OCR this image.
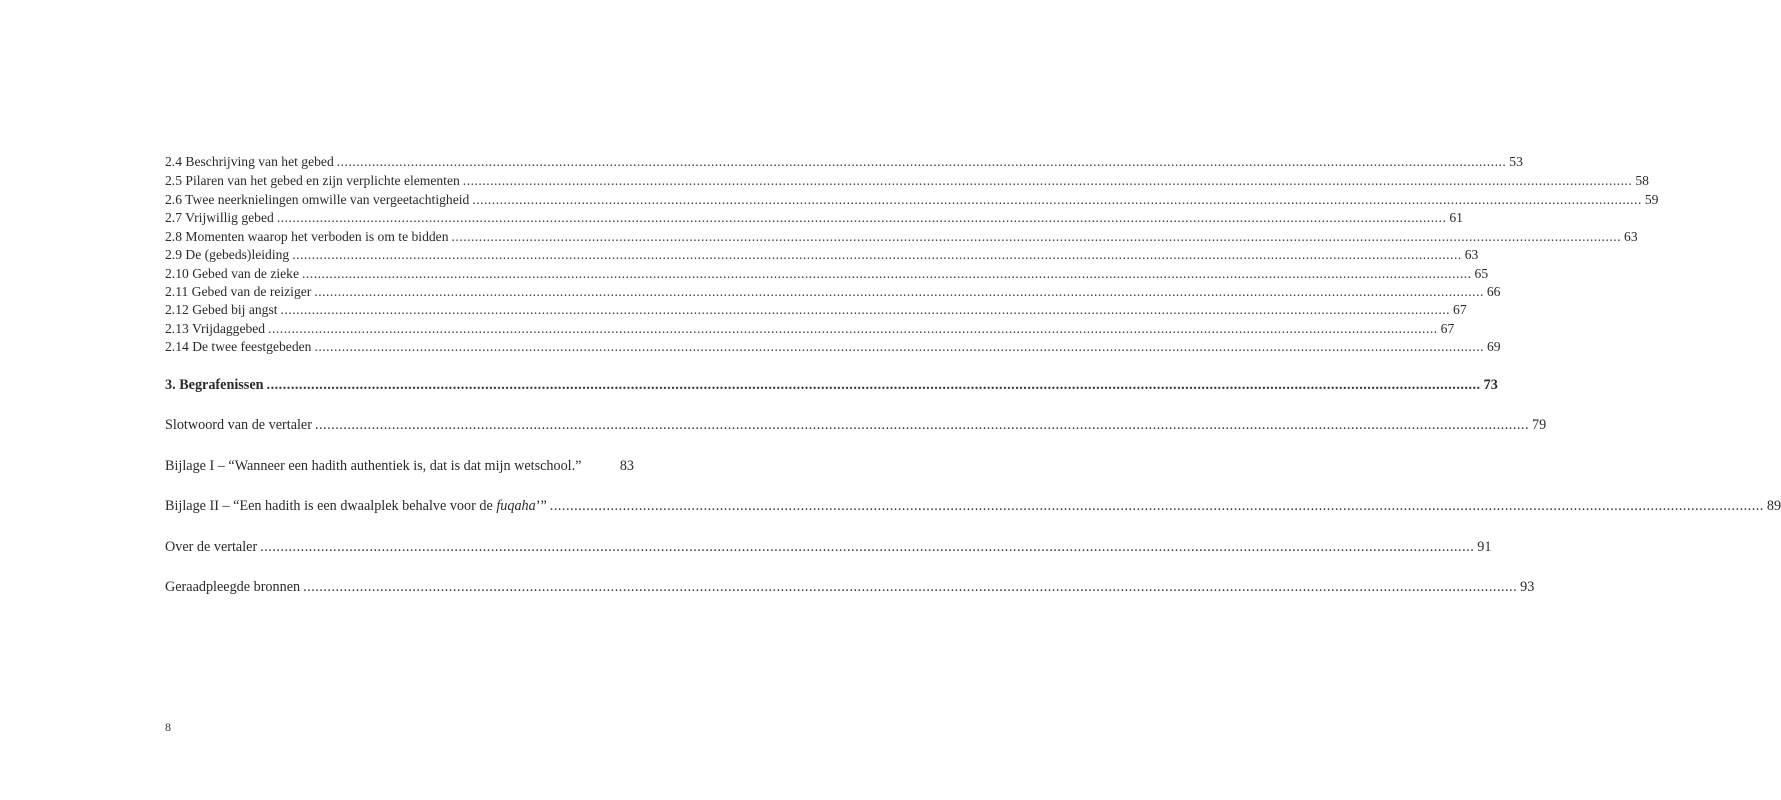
2.4 Beschrijving van het gebed ............................................................................................................................................................................................................................................................................................................ 53
2.5 Pilaren van het gebed en zijn verplichte elementen ............................................................................................................................................................................................................................................................................................................ 58
2.6 Twee neerknielingen omwille van vergeetachtigheid ............................................................................................................................................................................................................................................................................................................ 59
2.7 Vrijwillig gebed ............................................................................................................................................................................................................................................................................................................ 61
2.8 Momenten waarop het verboden is om te bidden ............................................................................................................................................................................................................................................................................................................ 63
2.9 De (gebeds)leiding ............................................................................................................................................................................................................................................................................................................ 63
2.10 Gebed van de zieke ............................................................................................................................................................................................................................................................................................................ 65
2.11 Gebed van de reiziger ............................................................................................................................................................................................................................................................................................................ 66
2.12 Gebed bij angst ............................................................................................................................................................................................................................................................................................................ 67
2.13 Vrijdaggebed ............................................................................................................................................................................................................................................................................................................ 67
2.14 De twee feestgebeden ............................................................................................................................................................................................................................................................................................................ 69
3. Begrafenissen ............................................................................................................................................................................................................................................................................................................ 73
Slotwoord van de vertaler ............................................................................................................................................................................................................................................................................................................ 79
Bijlage I – “Wanneer een hadith authentiek is, dat is dat mijn wetschool.”	83
Bijlage II – “Een hadith is een dwaalplek behalve voor de fuqaha’” ............................................................................................................................................................................................................................................................................................................ 89
Over de vertaler ............................................................................................................................................................................................................................................................................................................ 91
Geraadpleegde bronnen ............................................................................................................................................................................................................................................................................................................ 93
8
